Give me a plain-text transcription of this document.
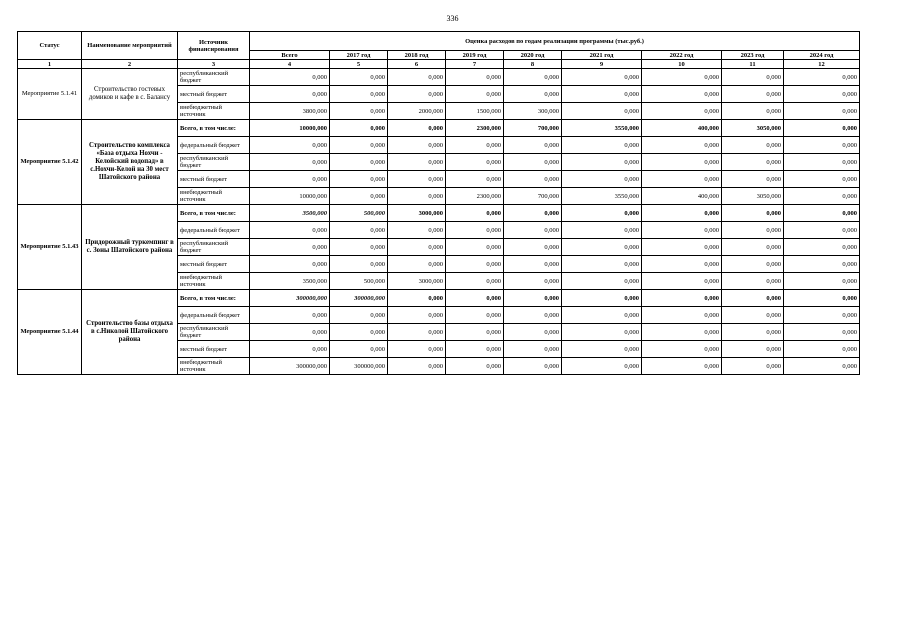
336
Статус	Наименование мероприятий	Источник финансирования	Оценка расходов по годам реализации программы (тыс.руб.)								
			Всего	2017 год	2018 год	2019 год	2020 год	2021 год	2022 год	2023 год	2024 год
1	2	3	4	5	6	7	8	9	10	11	12
Мероприятие 5.1.41	Строительство гостевых домиков и кафе в с. Балансу	республиканский бюджет	0,000	0,000	0,000	0,000	0,000	0,000	0,000	0,000	0,000
		местный бюджет	0,000	0,000	0,000	0,000	0,000	0,000	0,000	0,000	0,000
		внебюджетный источник	3800,000	0,000	2000,000	1500,000	300,000	0,000	0,000	0,000	0,000
Мероприятие 5.1.42	Строительство комплекса «База отдыха Нохчи - Келойский водопад» в с.Нохчи-Келой на 30 мест Шатойского района	Всего, в том числе:	10000,000	0,000	0,000	2300,000	700,000	3550,000	400,000	3050,000	0,000
		федеральный бюджет	0,000	0,000	0,000	0,000	0,000	0,000	0,000	0,000	0,000
		республиканский бюджет	0,000	0,000	0,000	0,000	0,000	0,000	0,000	0,000	0,000
		местный бюджет	0,000	0,000	0,000	0,000	0,000	0,000	0,000	0,000	0,000
		внебюджетный источник	10000,000	0,000	0,000	2300,000	700,000	3550,000	400,000	3050,000	0,000
Мероприятие 5.1.43	Придорожный туркемпинг в с. Зоны Шатойского района	Всего, в том числе:	3500,000	500,000	3000,000	0,000	0,000	0,000	0,000	0,000	0,000
		федеральный бюджет	0,000	0,000	0,000	0,000	0,000	0,000	0,000	0,000	0,000
		республиканский бюджет	0,000	0,000	0,000	0,000	0,000	0,000	0,000	0,000	0,000
		местный бюджет	0,000	0,000	0,000	0,000	0,000	0,000	0,000	0,000	0,000
		внебюджетный источник	3500,000	500,000	3000,000	0,000	0,000	0,000	0,000	0,000	0,000
Мероприятие 5.1.44	Строительство базы отдыха в с.Николой Шатойского района	Всего, в том числе:	300000,000	300000,000	0,000	0,000	0,000	0,000	0,000	0,000	0,000
		федеральный бюджет	0,000	0,000	0,000	0,000	0,000	0,000	0,000	0,000	0,000
		республиканский бюджет	0,000	0,000	0,000	0,000	0,000	0,000	0,000	0,000	0,000
		местный бюджет	0,000	0,000	0,000	0,000	0,000	0,000	0,000	0,000	0,000
		внебюджетный источник	300000,000	300000,000	0,000	0,000	0,000	0,000	0,000	0,000	0,000
